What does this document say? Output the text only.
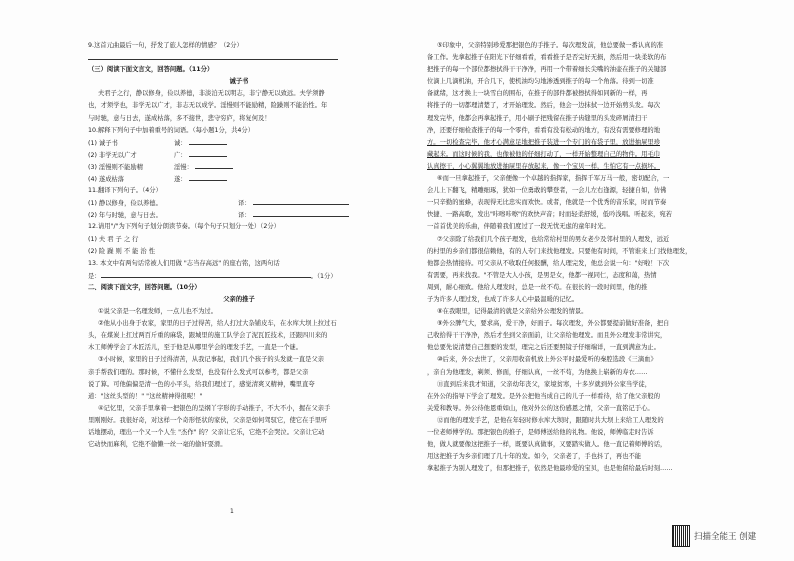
9.这首元曲最后一句，抒发了旅人怎样的情感？（2分）
（三）阅读下面文言文，回答问题。（11分）
诫子书
夫君子之行，静以修身，俭以养德，非淡泊无以明志，非宁静无以致远。夫学须静
也，才须学也，非学无以广才，非志无以成学。淫慢则不能励精，险躁则不能治性。年
与时驰，意与日去，遂成枯落，多不接世，悲守穷庐，将复何及！
10.解释下列句子中加着重号的词语。（每小题1分，共4分）
(1) 诚子书	诚：
(2) 非学无以广才	广：
(3) 淫慢则不能励精	淫慢：
(4) 遂成枯落	遂：
11.翻译下列句子。（4分）
(1) 静以修身，俭以养德。	译：
(2) 年与时驰，意与日去。	译：
12.请用"/"为下列句子划分朗读节奏。（每个句子只划分一处）（2分）
(1) 夫 君 子 之 行
(2) 险 躁 则 不 能 治 性
13. 本文中有两句话常被人们用做 "志当存高远" 的座右铭，这两句话
是：	。（1分）
二、阅读下面文字，回答问题。（10分）
父亲的推子
①说父亲是一名理发师，一点儿也不为过。
②他从小出身于农家，家里的日子过得苦，给人打过大杂铺皮车，在水库大坝上拉过石
头，在煤炭上扛过两百斤重的麻袋，跟城里的施工队学会了泥瓦匠技术，还跟四川来的
木工师傅学会了木匠活儿，至于他是从哪里学会的理发手艺，一直是一个谜。
③小时候，家里的日子过得清苦，从我记事起，我们几个孩子的头发就一直是父亲
亲手帮我们理的。那时候，不懂什么发型，也没有什么发式可以参考，都是父亲
说了算。可他偏偏是清一色的小平头，给我们理过了，感觉清爽又精神，嘴里直夸
道："这丝头型的！" "这丝精神得很呢！"
④记忆里，父亲手里拿着一把银色的呈纲丫字形的手动推子，不大不小，握在父亲手
里刚刚好。我很好奇，对这样一个奇形怪状的家伙，父亲是如何驾驭它，使它在手里听
话地摆动，理出一个又一个人生 "杰作" 的？父亲让它乐，它绝不会哭泣。父亲让它动
它动快而麻利，它绝不偷懒一丝一毫的偷奸耍滑。
1
⑤印象中，父亲特别珍爱那把银色的手推子。每次理发前，他总要做一番认真的准
备工作。先拿起推子在阳光下仔细看看，看看推子是否完好无损，然后用一块柔软的布
把推子的每一个部位都擦拭得干干净净，再用一个带着细长尖嘴的油壶在推子的关键部
位滴上几滴机油，开合几下，使机油均匀地渗透到推子的每一个角落。待到一切准
备就绪，这才换上一块雪白的围布，在推子的部件都被擦拭得如同新的一样，再
将推子的一切都理清楚了，才开始理发。然后，他会一边抹拭一边开始剪头发。每次
理发完毕，他都会再拿起推子，用小刷子把残留在推子齿缝里的头发碎屑清扫干
净，还要仔细检查推子的每一个零件，看看有没有松动的地方，有没有需要修理的地
方。一切检查完毕，他才心满意足地把推子装进一个专门的布袋子里，放进抽屉里珍
藏起来。而这时候的我，也像被他的仔细打动了，一样开始整理自己的物件。用毛巾
认真擦干，小心翼翼地放进抽屉里存放起来，像一个宝贝一样，生怕它有一点损坏。
⑥而一旦拿起推子，父亲便像一个卓越的指挥家，指挥千军万马一般，密切配合，一
会儿上下翻飞，精雕细琢，犹如一位勇敢的攀登者，一会儿左右逢源，轻捷自如，仿佛
一只辛勤的蜜蜂，表现得无比忠实而欢快。或者，他就是一个优秀的音乐家，时而节奏
快捷、一路高歌，发出"咔嚓咔嚓"的欢快声音；时而轻柔舒缓，低吟浅唱。听起来，宛若
一首首优美的乐曲，伴随着我们度过了一段无忧无虑的童年时光。
⑦父亲除了给我们几个孩子理发，也给常给村里的男女老少及邻村里的人理发，远近
的村里的乡亲们都很信赖他，有的人专门来找他理发。只要他有时间，不管谁来上门找他理发，
他都会热情接待。可父亲从不收取任何报酬，给人理完发，他总会说一句："好啦！下次
有需要，再来找我。"不管是大人小孩，是男是女，他都一视同仁，态度和蔼，热情
周到，耐心细致。他给人理发时，总是一丝不苟。在很长的一段时间里，他的推
子为许多人理过发，也成了许多人心中最温暖的记忆。
⑧在我眼里，记得最清的就是父亲给外公理发的情景。
⑨外公脾气大，要求高，爱干净，好面子。每次理发，外公都要提前做好准备，把自
己收拾得干干净净，然后才坐到父亲面前，让父亲给他理发。而且外公理发非常讲究，
他总要先说清楚自己想要的发型，理完之后还要照镜子仔细端详，一直到满意为止。
⑩后来，外公去世了，父亲用收音机放上外公平时最爱听的秦腔选段《三滴血》
，亲自为他理发，剃须、修面，仔细认真，一丝不苟，为他换上崭新的寿衣……
⑪直到后来我才知道，父亲幼年丧父，家境贫寒，十多岁就到外公家当学徒，
在外公的指导下学会了理发。是外公把他当成自己的儿子一样看待，给了他父亲般的
关爱和教导。外公待他恩重如山，他对外公的这份感恩之情，父亲一直铭记于心。
⑫而他的理发手艺，是他在年轻时修水库大坝时，跟随时共大坝上来给工人理发的
一位老师傅学的。那把银色的推子，是师傅送给他的礼物。他说，师傅临走时告诉
他，做人就要像这把推子一样，既要认真做事，又要踏实做人。他一直记着师傅的话，
用这把推子为乡亲们理了几十年的发。如今，父亲老了，手也抖了，再也不能
拿起推子为别人理发了，但那把推子，依然是他最珍爱的宝贝，也是他留给最后时刻……
扫描全能王 创建
